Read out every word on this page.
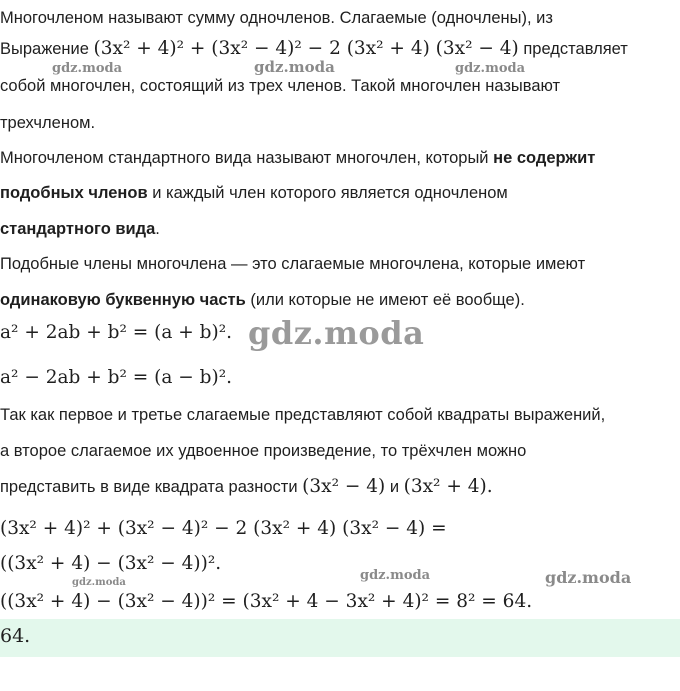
Многочленом называют сумму одночленов. Слагаемые (одночлены), из
Выражение (3x² + 4)² + (3x² − 4)² − 2 (3x² + 4) (3x² − 4) представляет
собой многочлен, состоящий из трех членов. Такой многочлен называют
трехчленом.
Многочленом стандартного вида называют многочлен, который не содержит
подобных членов и каждый член которого является одночленом
стандартного вида.
Подобные члены многочлена — это слагаемые многочлена, которые имеют
одинаковую буквенную часть (или которые не имеют её вообще).
a² + 2ab + b² = (a + b)².
a² − 2ab + b² = (a − b)².
Так как первое и третье слагаемые представляют собой квадраты выражений,
а второе слагаемое их удвоенное произведение, то трёхчлен можно
представить в виде квадрата разности (3x² − 4) и (3x² + 4).
(3x² + 4)² + (3x² − 4)² − 2 (3x² + 4) (3x² − 4) =
((3x² + 4) − (3x² − 4))².
((3x² + 4) − (3x² − 4))² = (3x² + 4 − 3x² + 4)² = 8² = 64.
64.
gdz.moda	gdz.moda	gdz.moda
gdz.moda
gdz.moda	gdz.moda	gdz.moda
